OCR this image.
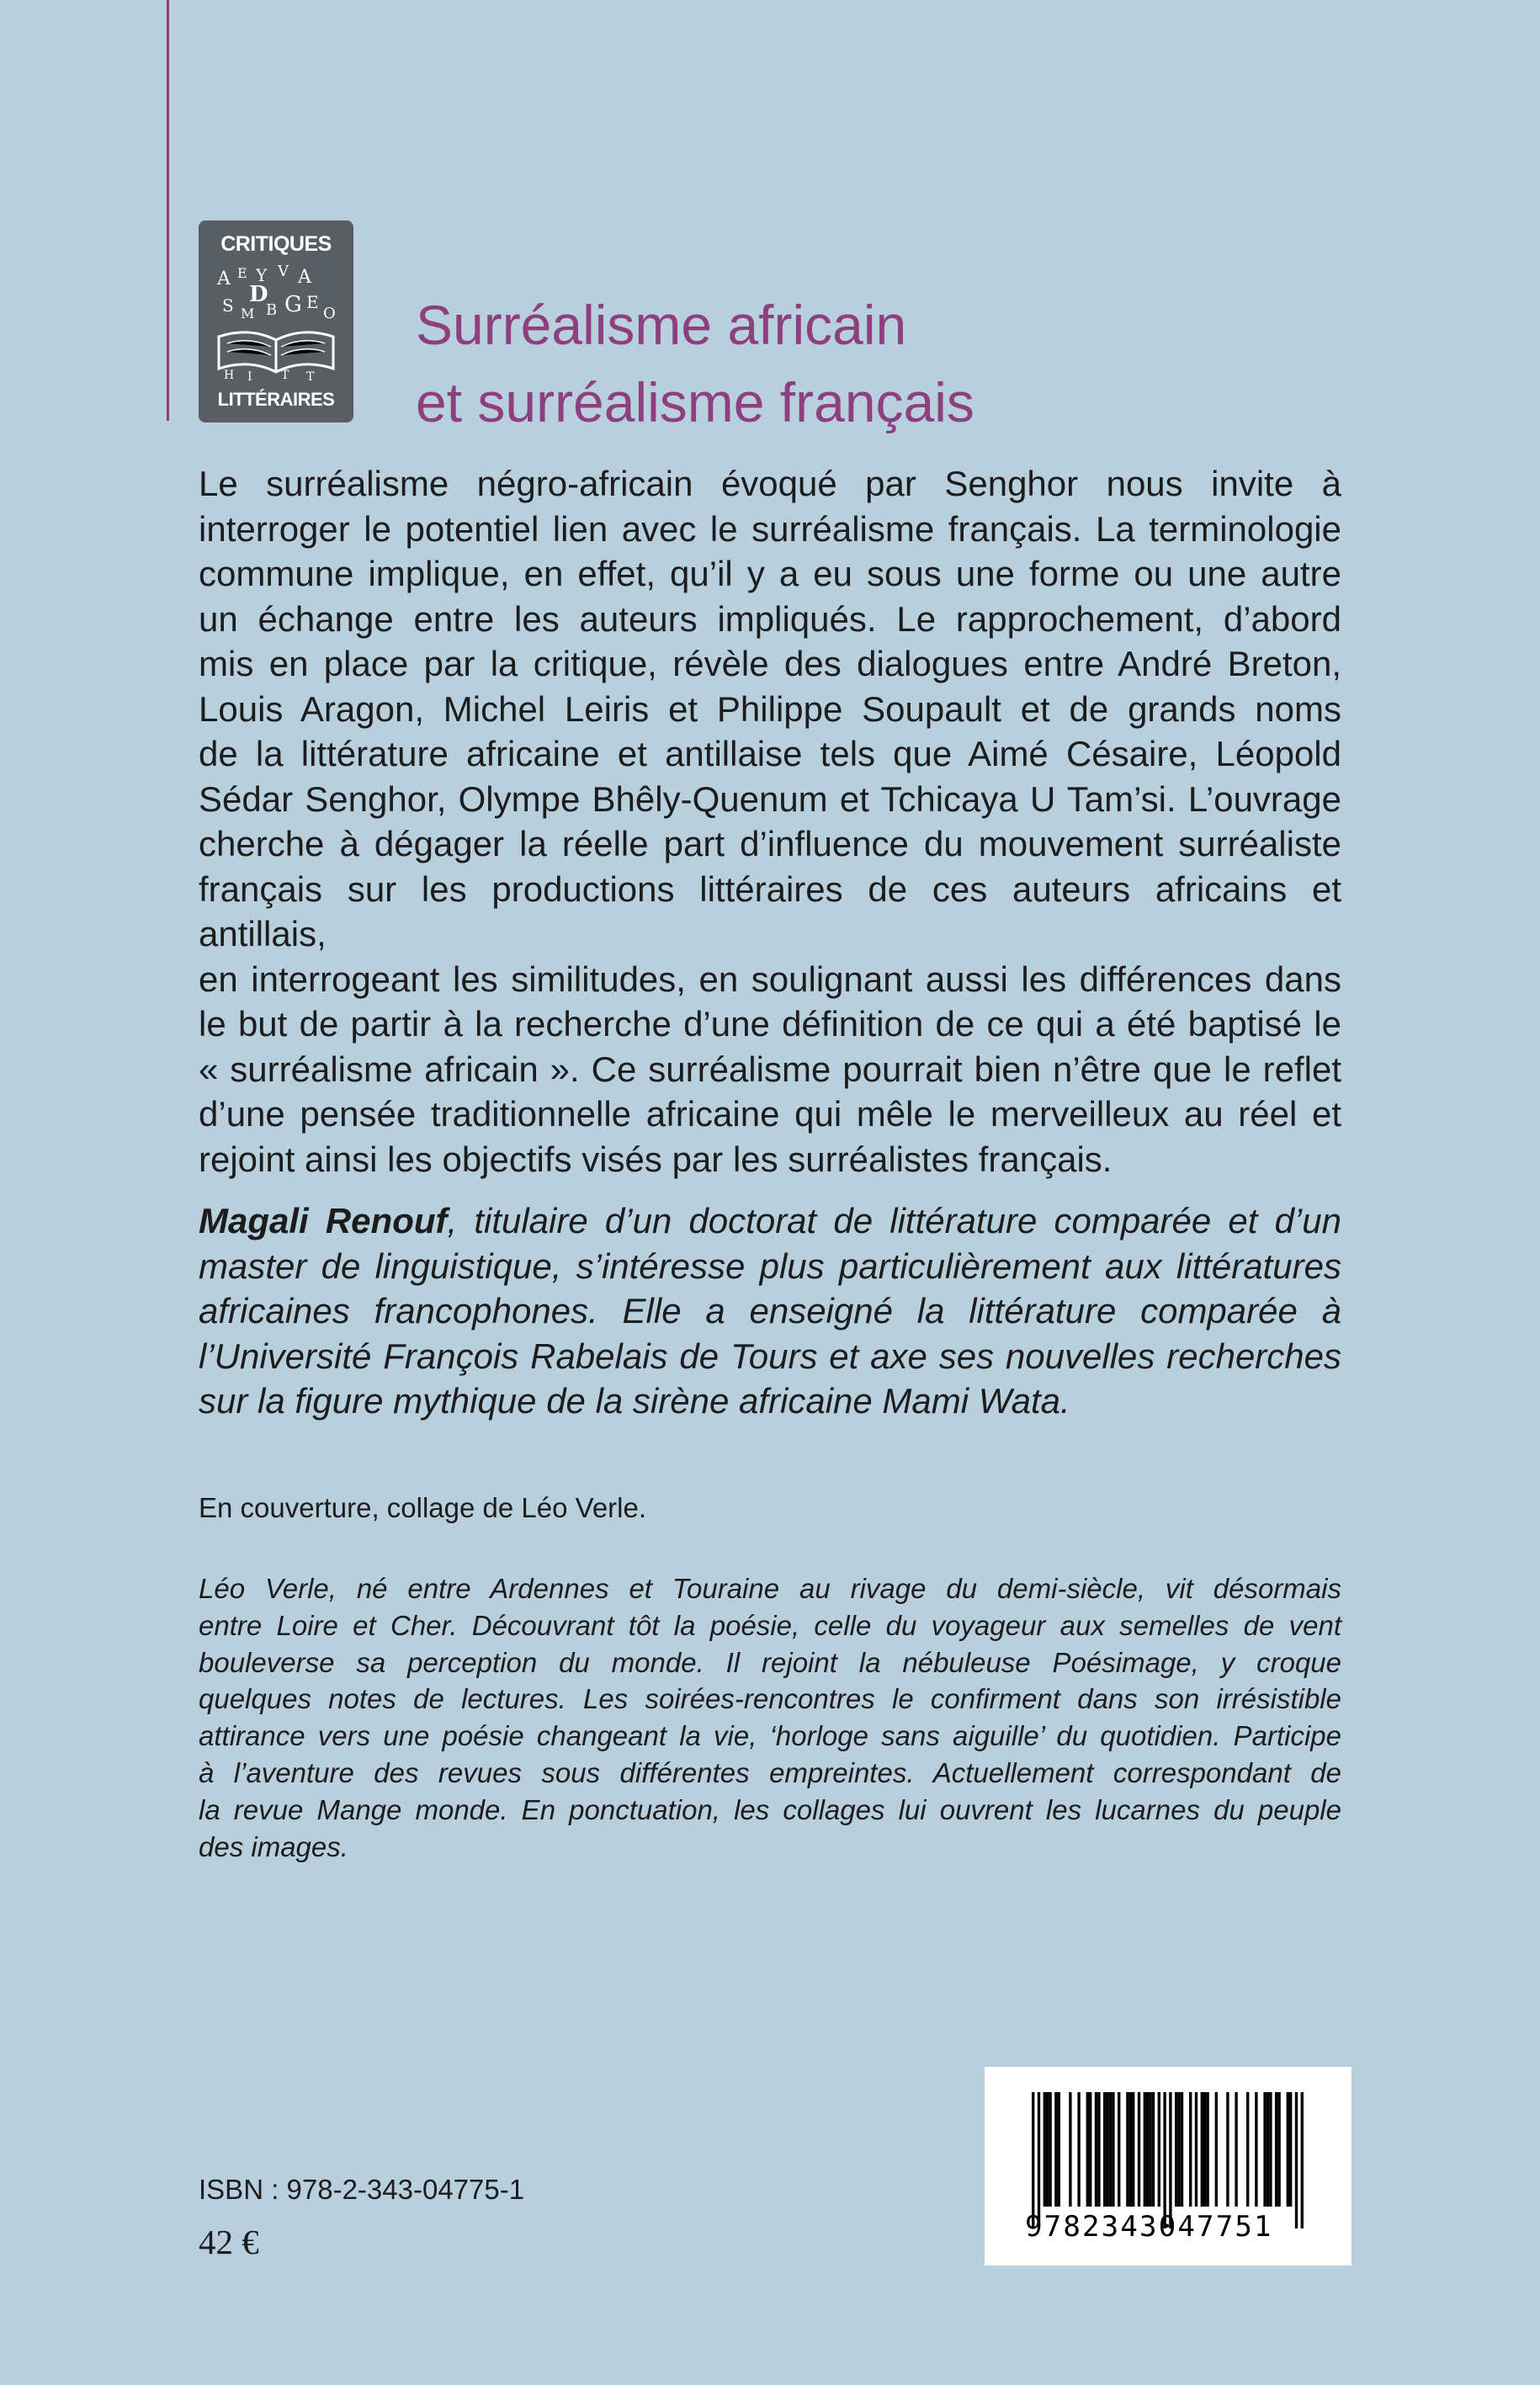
CRITIQUES
A E Y V A
D
S M B G E
O
H I T T
LITTÉRAIRES
Surréalisme africain
et surréalisme français

Le surréalisme négro-africain évoqué par Senghor nous invite à
interroger le potentiel lien avec le surréalisme français. La terminologie
commune implique, en effet, qu’il y a eu sous une forme ou une autre
un échange entre les auteurs impliqués. Le rapprochement, d’abord
mis en place par la critique, révèle des dialogues entre André Breton,
Louis Aragon, Michel Leiris et Philippe Soupault et de grands noms
de la littérature africaine et antillaise tels que Aimé Césaire, Léopold
Sédar Senghor, Olympe Bhêly-Quenum et Tchicaya U Tam’si. L’ouvrage
cherche à dégager la réelle part d’influence du mouvement surréaliste
français sur les productions littéraires de ces auteurs africains et antillais,
en interrogeant les similitudes, en soulignant aussi les différences dans
le but de partir à la recherche d’une définition de ce qui a été baptisé le
« surréalisme africain ». Ce surréalisme pourrait bien n’être que le reflet
d’une pensée traditionnelle africaine qui mêle le merveilleux au réel et
rejoint ainsi les objectifs visés par les surréalistes français.

Magali Renouf, titulaire d’un doctorat de littérature comparée et d’un
master de linguistique, s’intéresse plus particulièrement aux littératures
africaines francophones. Elle a enseigné la littérature comparée à
l’Université François Rabelais de Tours et axe ses nouvelles recherches
sur la figure mythique de la sirène africaine Mami Wata.

En couverture, collage de Léo Verle.

Léo Verle, né entre Ardennes et Touraine au rivage du demi-siècle, vit désormais
entre Loire et Cher. Découvrant tôt la poésie, celle du voyageur aux semelles de vent
bouleverse sa perception du monde. Il rejoint la nébuleuse Poésimage, y croque
quelques notes de lectures. Les soirées-rencontres le confirment dans son irrésistible
attirance vers une poésie changeant la vie, ‘horloge sans aiguille’ du quotidien. Participe
à l’aventure des revues sous différentes empreintes. Actuellement correspondant de
la revue Mange monde. En ponctuation, les collages lui ouvrent les lucarnes du peuple
des images.

ISBN : 978-2-343-04775-1

42 €	9782343047751
